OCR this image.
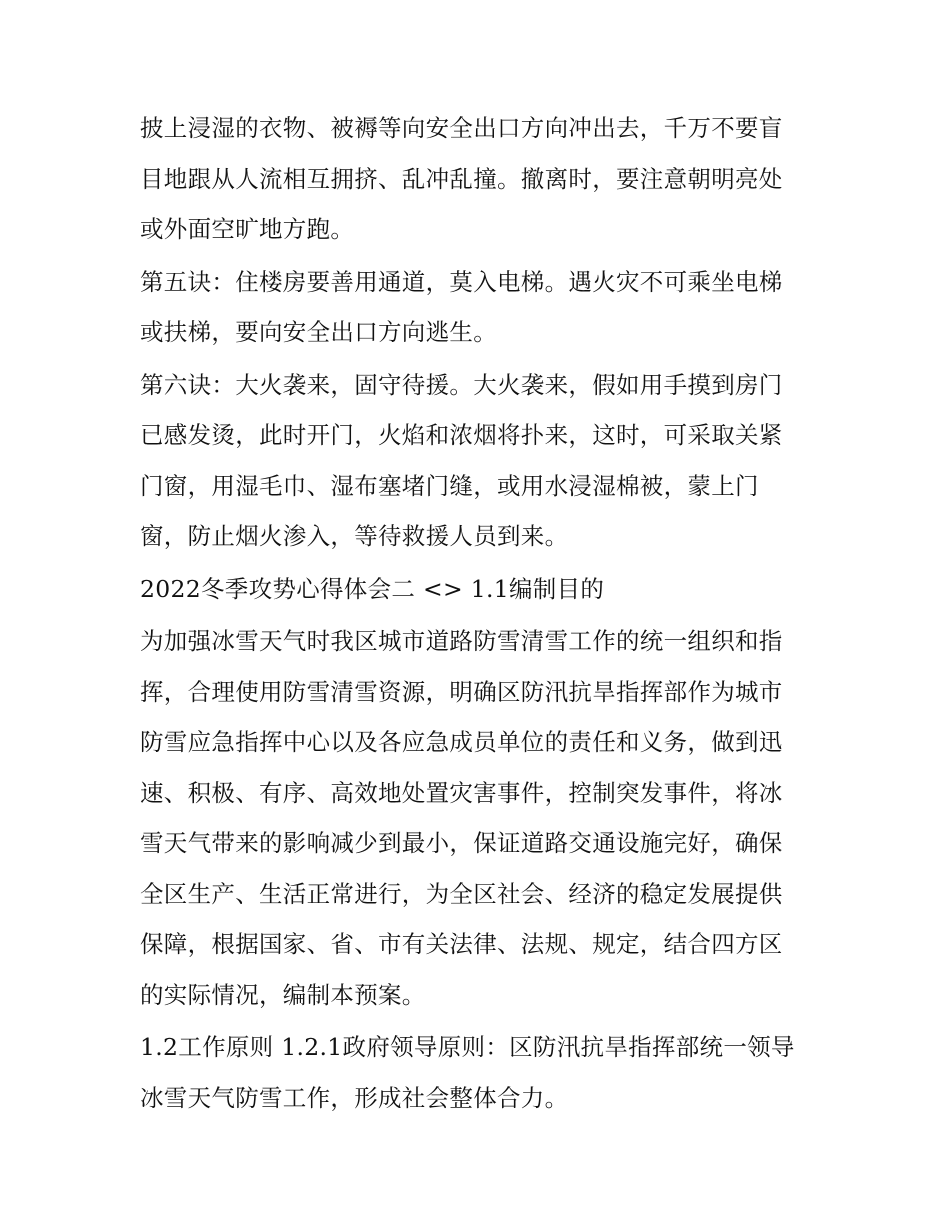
披上浸湿的衣物、被褥等向安全出口方向冲出去，千万不要盲
目地跟从人流相互拥挤、乱冲乱撞。撤离时，要注意朝明亮处
或外面空旷地方跑。

第五诀：住楼房要善用通道，莫入电梯。遇火灾不可乘坐电梯
或扶梯，要向安全出口方向逃生。

第六诀：大火袭来，固守待援。大火袭来，假如用手摸到房门
已感发烫，此时开门，火焰和浓烟将扑来，这时，可采取关紧
门窗，用湿毛巾、湿布塞堵门缝，或用水浸湿棉被，蒙上门
窗，防止烟火渗入，等待救援人员到来。

2022冬季攻势心得体会二 <> 1.1编制目的

为加强冰雪天气时我区城市道路防雪清雪工作的统一组织和指
挥，合理使用防雪清雪资源，明确区防汛抗旱指挥部作为城市
防雪应急指挥中心以及各应急成员单位的责任和义务，做到迅
速、积极、有序、高效地处置灾害事件，控制突发事件，将冰
雪天气带来的影响减少到最小，保证道路交通设施完好，确保
全区生产、生活正常进行，为全区社会、经济的稳定发展提供
保障，根据国家、省、市有关法律、法规、规定，结合四方区
的实际情况，编制本预案。

1.2工作原则 1.2.1政府领导原则：区防汛抗旱指挥部统一领导
冰雪天气防雪工作，形成社会整体合力。
